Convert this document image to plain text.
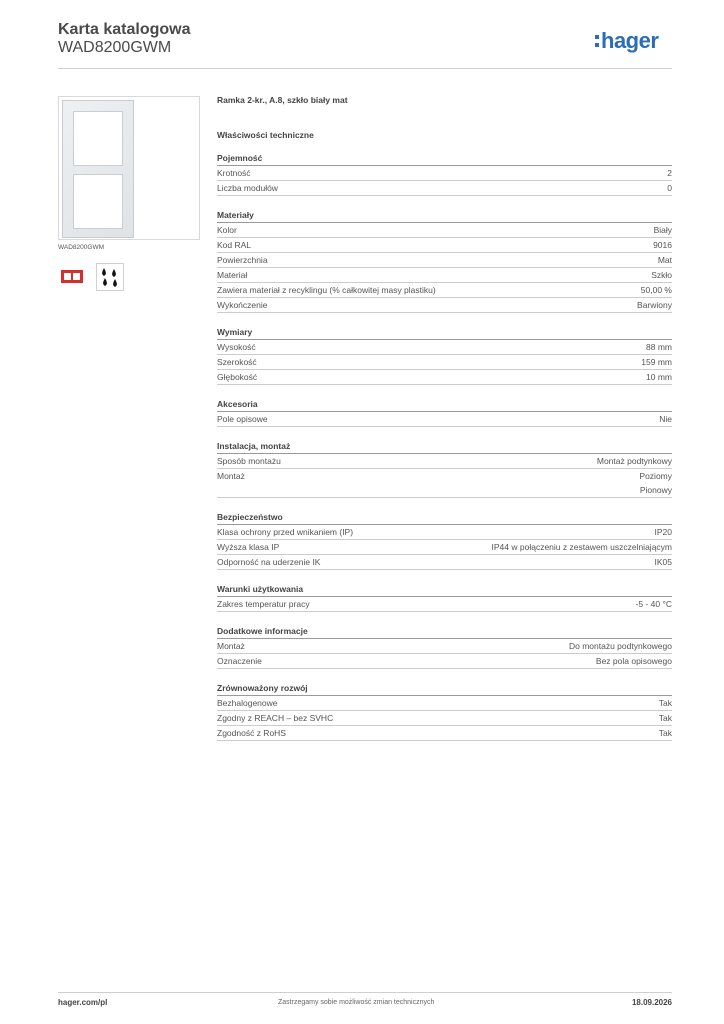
Karta katalogowa
WAD8200GWM	hager
WAD8200GWM
Ramka 2-kr., A.8, szkło biały mat
Właściwości techniczne
Pojemność
Krotność	2
Liczba modułów	0
Materiały
Kolor	Biały
Kod RAL	9016
Powierzchnia	Mat
Materiał	Szkło
Zawiera materiał z recyklingu (% całkowitej masy plastiku)	50,00 %
Wykończenie	Barwiony
Wymiary
Wysokość	88 mm
Szerokość	159 mm
Głębokość	10 mm
Akcesoria
Pole opisowe	Nie
Instalacja, montaż
Sposób montażu	Montaż podtynkowy
Montaż	Poziomy
Pionowy
Bezpieczeństwo
Klasa ochrony przed wnikaniem (IP)	IP20
Wyższa klasa IP	IP44 w połączeniu z zestawem uszczelniającym
Odporność na uderzenie IK	IK05
Warunki użytkowania
Zakres temperatur pracy	-5 - 40 °C
Dodatkowe informacje
Montaż	Do montażu podtynkowego
Oznaczenie	Bez pola opisowego
Zrównoważony rozwój
Bezhalogenowe	Tak
Zgodny z REACH – bez SVHC	Tak
Zgodność z RoHS	Tak
hager.com/pl	Zastrzegamy sobie możliwość zmian technicznych	18.09.2026
